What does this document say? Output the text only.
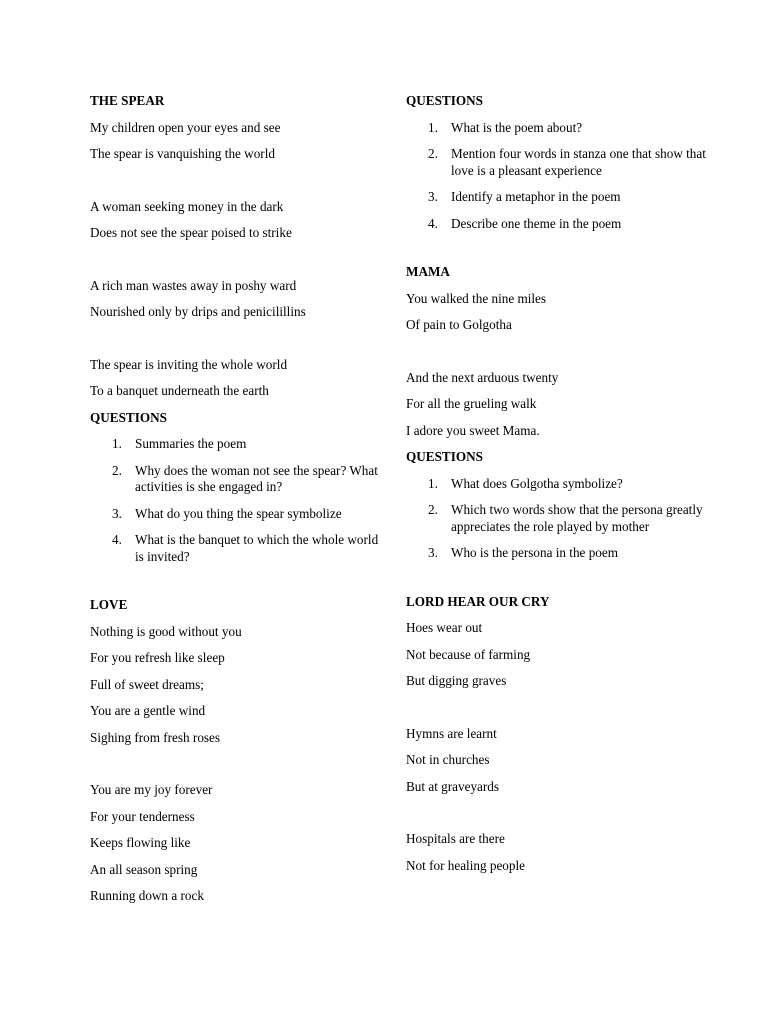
THE SPEAR
My children open your eyes and see
The spear is vanquishing the world
A woman seeking money in the dark
Does not see the spear poised to strike
A rich man wastes away in poshy ward
Nourished only by drips and penicilillins
The spear is inviting the whole world
To a banquet underneath the earth
QUESTIONS
1. Summaries the poem
2. Why does the woman not see the spear? What activities is she engaged in?
3. What do you thing the spear symbolize
4. What is the banquet to which the whole world is invited?
LOVE
Nothing is good without you
For you refresh like sleep
Full of sweet dreams;
You are a gentle wind
Sighing from fresh roses
You are my joy forever
For your tenderness
Keeps flowing like
An all season spring
Running down a rock
QUESTIONS
1. What is the poem about?
2. Mention four words in stanza one that show that love is a pleasant experience
3. Identify a metaphor in the poem
4. Describe one theme in the poem
MAMA
You walked the nine miles
Of pain to Golgotha
And the next arduous twenty
For all the grueling walk
I adore you sweet Mama.
QUESTIONS
1. What does Golgotha symbolize?
2. Which two words show that the persona greatly appreciates the role played by mother
3. Who is the persona in the poem
LORD HEAR OUR CRY
Hoes wear out
Not because of farming
But digging graves
Hymns are learnt
Not in churches
But at graveyards
Hospitals are there
Not for healing people
